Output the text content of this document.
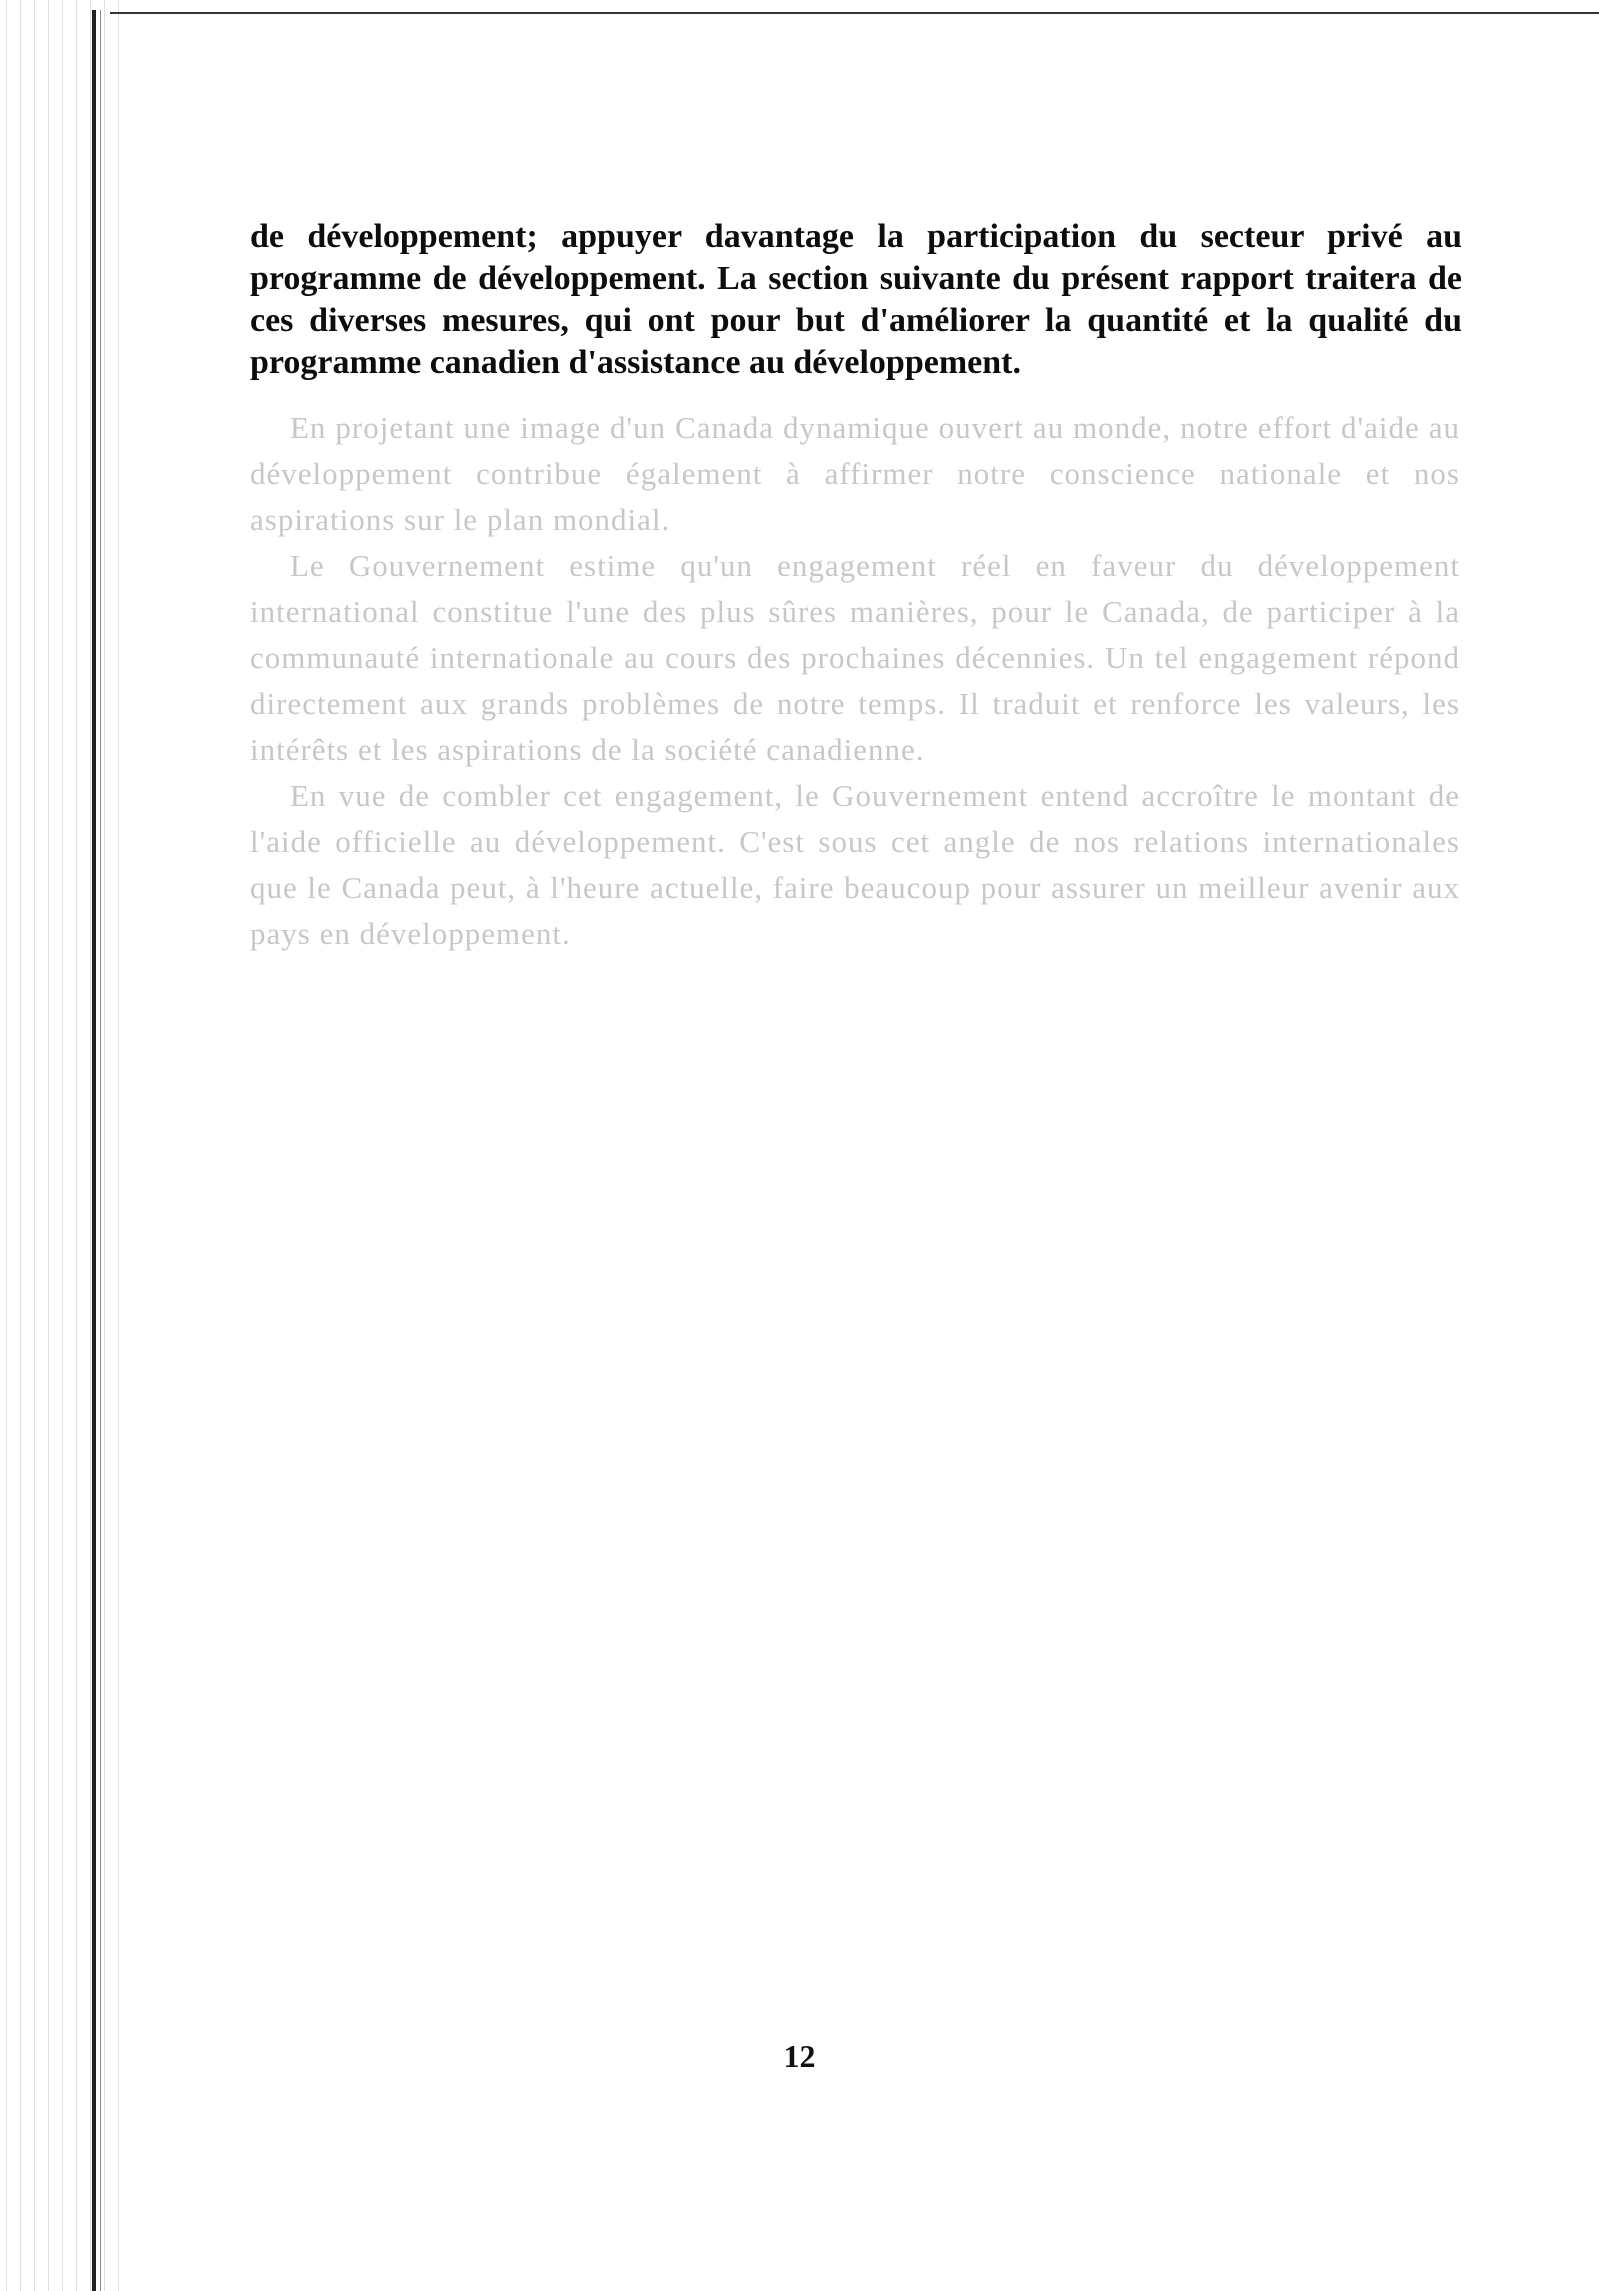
de développement; appuyer davantage la participation du secteur privé au programme de développement. La section suivante du présent rapport traitera de ces diverses mesures, qui ont pour but d'améliorer la quantité et la qualité du programme canadien d'assistance au développement.

En projetant une image d'un Canada dynamique ouvert au monde, notre effort d'aide au développement contribue également à affirmer notre conscience nationale et nos aspirations sur le plan mondial.

Le Gouvernement estime qu'un engagement réel en faveur du développement international constitue l'une des plus sûres manières, pour le Canada, de participer à la communauté internationale au cours des prochaines décennies. Un tel engagement répond directement aux grands problèmes de notre temps. Il traduit et renforce les valeurs, les intérêts et les aspirations de la société canadienne.

En vue de combler cet engagement, le Gouvernement entend accroître le montant de l'aide officielle au développement. C'est sous cet angle de nos relations internationales que le Canada peut, à l'heure actuelle, faire beaucoup pour assurer un meilleur avenir aux pays en développement.

12
